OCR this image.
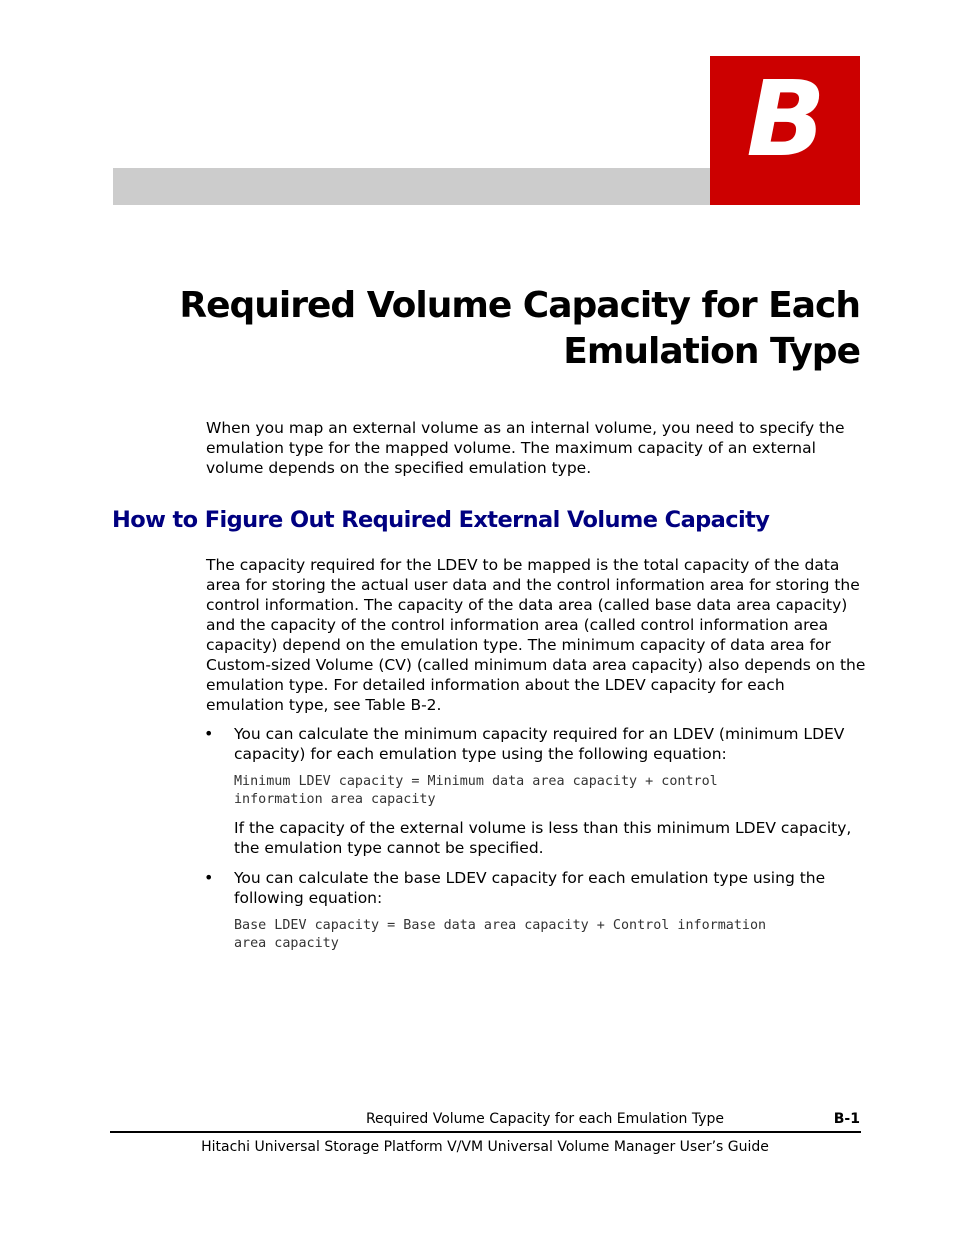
B
Required Volume Capacity for Each
Emulation Type

When you map an external volume as an internal volume, you need to specify the emulation type for the mapped volume. The maximum capacity of an external volume depends on the specified emulation type.

How to Figure Out Required External Volume Capacity

The capacity required for the LDEV to be mapped is the total capacity of the data area for storing the actual user data and the control information area for storing the control information. The capacity of the data area (called base data area capacity) and the capacity of the control information area (called control information area capacity) depend on the emulation type. The minimum capacity of data area for Custom-sized Volume (CV) (called minimum data area capacity) also depends on the emulation type. For detailed information about the LDEV capacity for each emulation type, see Table B-2.

• You can calculate the minimum capacity required for an LDEV (minimum LDEV capacity) for each emulation type using the following equation:

Minimum LDEV capacity = Minimum data area capacity + control
information area capacity

If the capacity of the external volume is less than this minimum LDEV capacity, the emulation type cannot be specified.

• You can calculate the base LDEV capacity for each emulation type using the following equation:

Base LDEV capacity = Base data area capacity + Control information
area capacity
Required Volume Capacity for each Emulation Type	B-1
Hitachi Universal Storage Platform V/VM Universal Volume Manager User’s Guide
